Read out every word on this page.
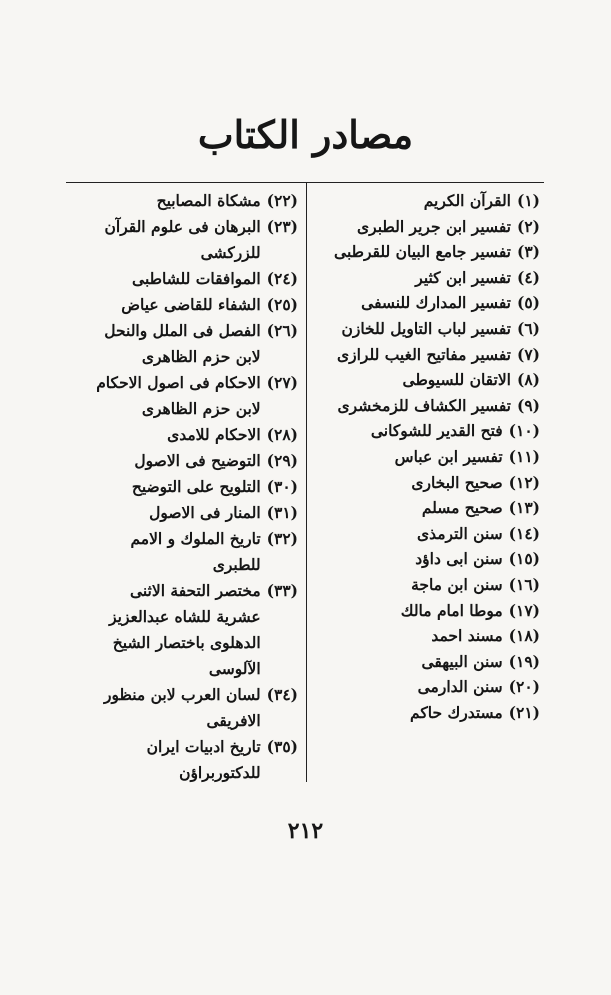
مصادر الكتاب
(١)
القرآن الكريم
(٢)
تفسير ابن جرير الطبرى
(٣)
تفسير جامع البيان للقرطبى
(٤)
تفسير ابن كثير
(٥)
تفسير المدارك للنسفى
(٦)
تفسير لباب التاويل للخازن
(٧)
تفسير مفاتيح الغيب للرازى
(٨)
الاتقان للسيوطى
(٩)
تفسير الكشاف للزمخشرى
(١٠)
فتح القدير للشوكانى
(١١)
تفسير ابن عباس
(١٢)
صحيح البخارى
(١٣)
صحيح مسلم
(١٤)
سنن الترمذى
(١٥)
سنن ابى داؤد
(١٦)
سنن ابن ماجة
(١٧)
موطا امام مالك
(١٨)
مسند احمد
(١٩)
سنن البيهقى
(٢٠)
سنن الدارمى
(٢١)
مستدرك حاكم
(٢٢)
مشكاة المصابيح
(٢٣)
البرهان فى علوم القرآن
للزركشى
(٢٤)
الموافقات للشاطبى
(٢٥)
الشفاء للقاضى عياض
(٢٦)
الفصل فى الملل والنحل
لابن حزم الظاهرى
(٢٧)
الاحكام فى اصول الاحكام
لابن حزم الظاهرى
(٢٨)
الاحكام للامدى
(٢٩)
التوضيح فى الاصول
(٣٠)
التلويح على التوضيح
(٣١)
المنار فى الاصول
(٣٢)
تاريخ الملوك و الامم
للطبرى
(٣٣)
مختصر التحفة الاثنى
عشرية للشاه عبدالعزيز
الدهلوى باختصار الشيخ
الآلوسى
(٣٤)
لسان العرب لابن منظور
الافريقى
(٣٥)
تاريخ ادبيات ايران
للدكتوربراؤن
٢١٢
